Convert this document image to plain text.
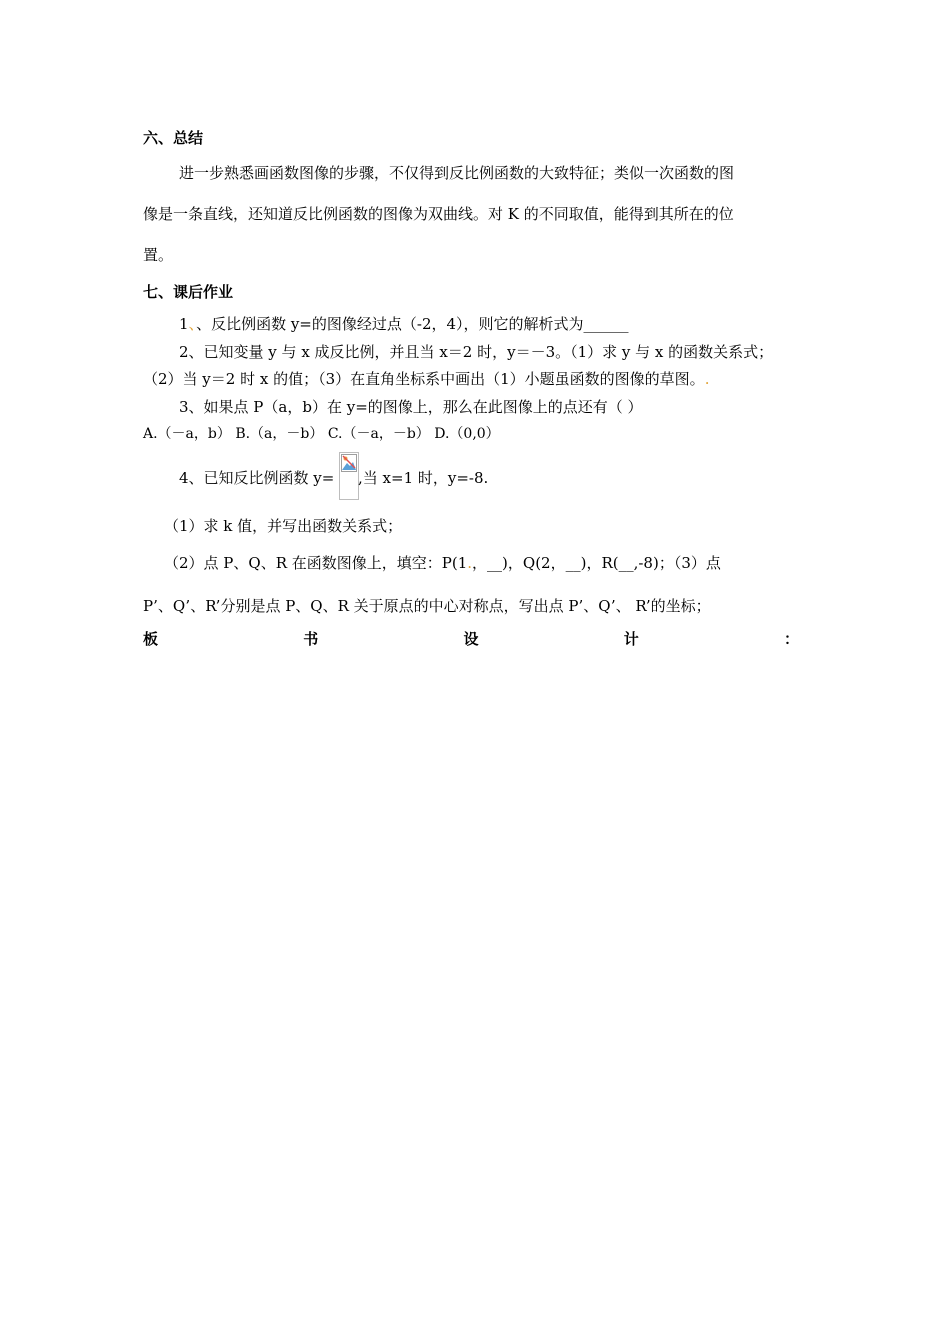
六、总结
进一步熟悉画函数图像的步骤，不仅得到反比例函数的大致特征；类似一次函数的图
像是一条直线，还知道反比例函数的图像为双曲线。对 K 的不同取值，能得到其所在的位
置。
七、课后作业
1、、反比例函数 y=的图像经过点（-2，4），则它的解析式为______
2、已知变量 y 与 x 成反比例，并且当 x＝2 时，y＝－3。（1）求 y 与 x 的函数关系式；
（2）当 y＝2 时 x 的值；（3）在直角坐标系中画出（1）小题虽函数的图像的草图。.
3、如果点 P（a，b）在 y=的图像上，那么在此图像上的点还有（ ）
A.（－a，b） B.（a，－b） C.（－a，－b） D.（0,0）
4、已知反比例函数 y= ,当 x=1 时，y=-8.
（1）求 k 值，并写出函数关系式；
（2）点 P、Q、R 在函数图像上，填空：P(1.，__)，Q(2，__)，R(__,-8)；（3）点
P’、Q’、R’分别是点 P、Q、R 关于原点的中心对称点，写出点 P’、Q’、 R’的坐标；
板	书	设	计	：
